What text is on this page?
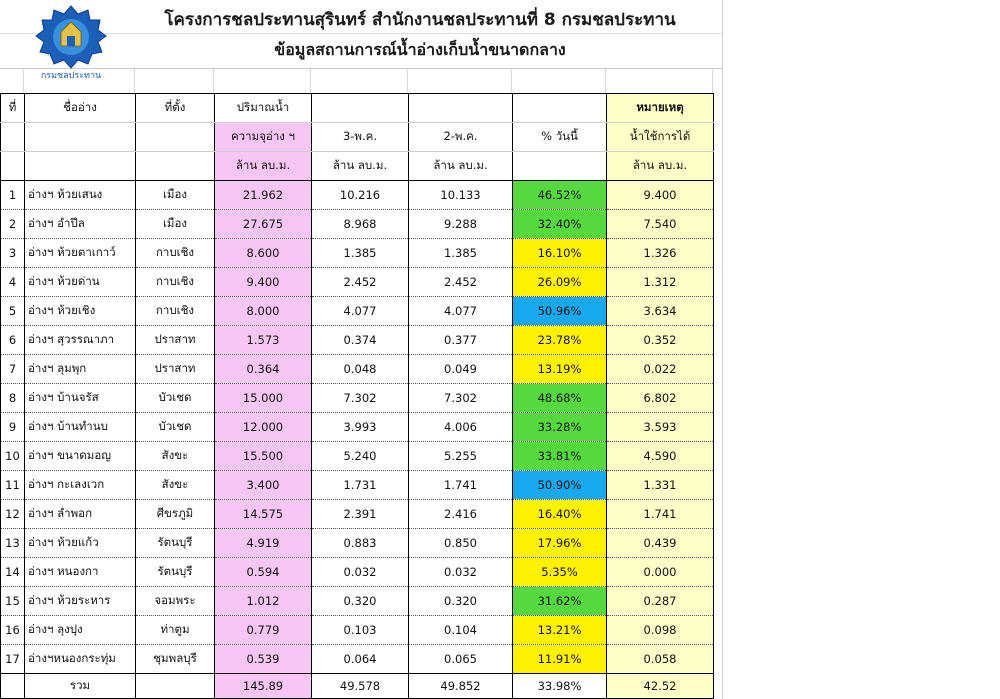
กรมชลประทาน
โครงการชลประทานสุรินทร์ สำนักงานชลประทานที่ 8 กรมชลประทาน
ข้อมูลสถานการณ์น้ำอ่างเก็บน้ำขนาดกลาง
ที่	ชื่ออ่าง	ที่ตั้ง	ปริมาณน้ำ				หมายเหตุ
			ความจุอ่าง ฯ	3-พ.ค.	2-พ.ค.	% วันนี้	น้ำใช้การได้
			ล้าน ลบ.ม.	ล้าน ลบ.ม.	ล้าน ลบ.ม.		ล้าน ลบ.ม.
1	อ่างฯ ห้วยเสนง	เมือง	21.962	10.216	10.133	46.52%	9.400
2	อ่างฯ อำปึล	เมือง	27.675	8.968	9.288	32.40%	7.540
3	อ่างฯ ห้วยตาเกาว์	กาบเชิง	8.600	1.385	1.385	16.10%	1.326
4	อ่างฯ ห้วยด่าน	กาบเชิง	9.400	2.452	2.452	26.09%	1.312
5	อ่างฯ ห้วยเชิง	กาบเชิง	8.000	4.077	4.077	50.96%	3.634
6	อ่างฯ สุวรรณาภา	ปราสาท	1.573	0.374	0.377	23.78%	0.352
7	อ่างฯ ลุมพุก	ปราสาท	0.364	0.048	0.049	13.19%	0.022
8	อ่างฯ บ้านจรัส	บัวเชด	15.000	7.302	7.302	48.68%	6.802
9	อ่างฯ บ้านทำนบ	บัวเชด	12.000	3.993	4.006	33.28%	3.593
10	อ่างฯ ขนาดมอญ	สังขะ	15.500	5.240	5.255	33.81%	4.590
11	อ่างฯ กะเลงเวก	สังขะ	3.400	1.731	1.741	50.90%	1.331
12	อ่างฯ ลำพอก	ศีขรภูมิ	14.575	2.391	2.416	16.40%	1.741
13	อ่างฯ ห้วยแก้ว	รัตนบุรี	4.919	0.883	0.850	17.96%	0.439
14	อ่างฯ หนองกา	รัตนบุรี	0.594	0.032	0.032	5.35%	0.000
15	อ่างฯ ห้วยระหาร	จอมพระ	1.012	0.320	0.320	31.62%	0.287
16	อ่างฯ ลุงปุง	ท่าตูม	0.779	0.103	0.104	13.21%	0.098
17	อ่างฯหนองกระทุ่ม	ชุมพลบุรี	0.539	0.064	0.065	11.91%	0.058
	รวม		145.89	49.578	49.852	33.98%	42.52
